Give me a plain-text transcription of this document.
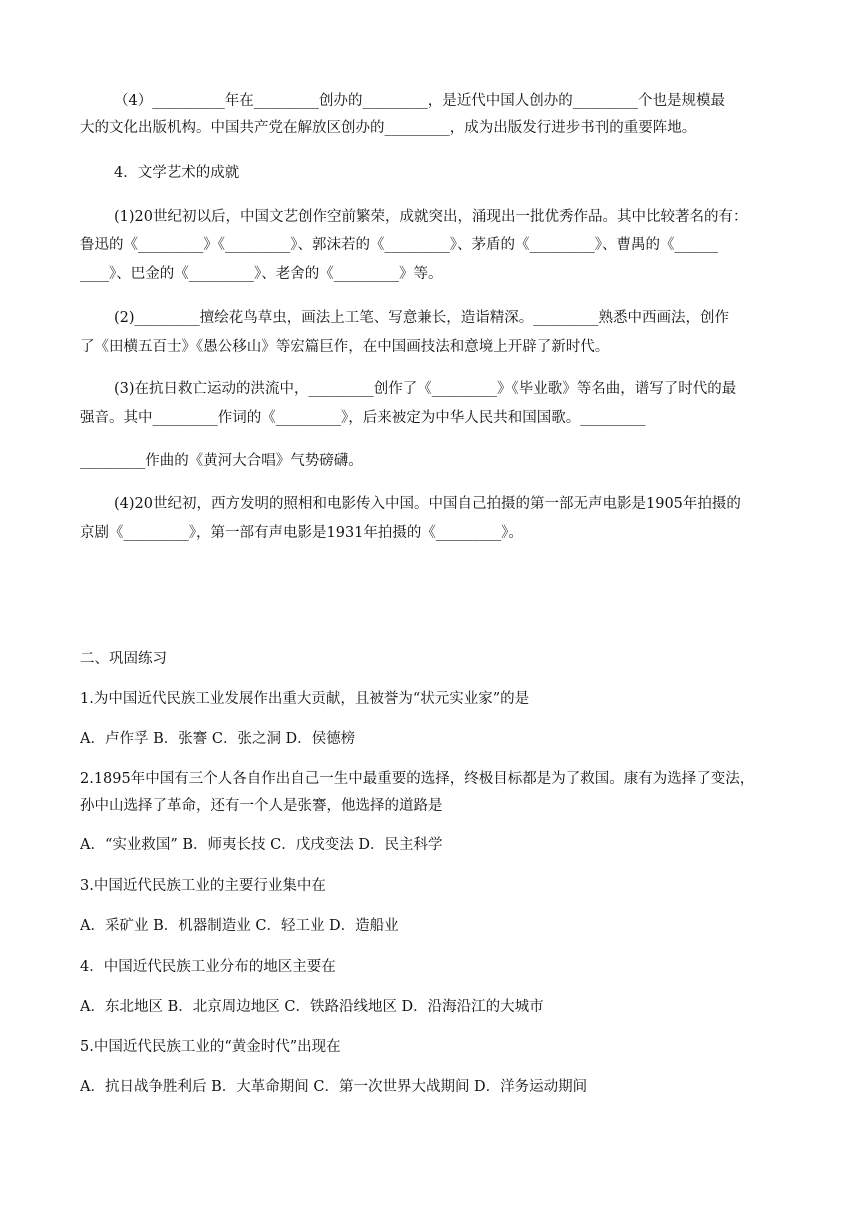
（4）__________年在_________创办的_________，是近代中国人创办的_________个也是规模最
大的文化出版机构。中国共产党在解放区创办的_________，成为出版发行进步书刊的重要阵地。
4．文学艺术的成就
(1)20世纪初以后，中国文艺创作空前繁荣，成就突出，涌现出一批优秀作品。其中比较著名的有：
鲁迅的《_________》《_________》、郭沫若的《_________》、茅盾的《_________》、曹禺的《______
____》、巴金的《_________》、老舍的《_________》等。
(2)_________擅绘花鸟草虫，画法上工笔、写意兼长，造诣精深。_________熟悉中西画法，创作
了《田横五百士》《愚公移山》等宏篇巨作，在中国画技法和意境上开辟了新时代。
(3)在抗日救亡运动的洪流中，_________创作了《_________》《毕业歌》等名曲，谱写了时代的最
强音。其中_________作词的《_________》，后来被定为中华人民共和国国歌。_________
_________作曲的《黄河大合唱》气势磅礴。
(4)20世纪初，西方发明的照相和电影传入中国。中国自己拍摄的第一部无声电影是1905年拍摄的
京剧《_________》，第一部有声电影是1931年拍摄的《_________》。
二、巩固练习
1.为中国近代民族工业发展作出重大贡献，且被誉为“状元实业家”的是
A．卢作孚 B．张謇 C．张之洞 D．侯德榜
2.1895年中国有三个人各自作出自己一生中最重要的选择，终极目标都是为了救国。康有为选择了变法，
孙中山选择了革命，还有一个人是张謇，他选择的道路是
A．“实业救国” B．师夷长技 C．戊戌变法 D．民主科学
3.中国近代民族工业的主要行业集中在
A．采矿业 B．机器制造业 C．轻工业 D．造船业
4．中国近代民族工业分布的地区主要在
A．东北地区 B．北京周边地区 C．铁路沿线地区 D．沿海沿江的大城市
5.中国近代民族工业的“黄金时代”出现在
A．抗日战争胜利后 B．大革命期间 C．第一次世界大战期间 D．洋务运动期间
